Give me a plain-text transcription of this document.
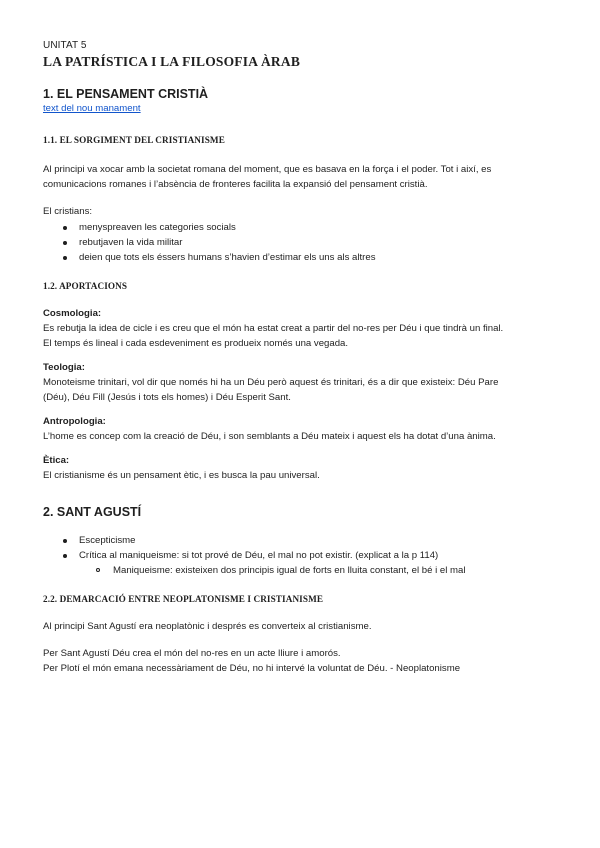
UNITAT 5
LA PATRÍSTICA I LA FILOSOFIA ÀRAB
1. EL PENSAMENT CRISTIÀ
text del nou manament
1.1. EL SORGIMENT DEL CRISTIANISME

Al principi va xocar amb la societat romana del moment, que es basava en la força i el poder. Tot i així, es

comunicacions romanes i l’absència de fronteres facilita la expansió del pensament cristià.

El cristians:

menyspreaven les categories socials
rebutjaven la vida militar
deien que tots els éssers humans s’havien d’estimar els uns als altres
1.2. APORTACIONS

Cosmologia:

Es rebutja la idea de cicle i es creu que el món ha estat creat a partir del no-res per Déu i que tindrà un final.

El temps és lineal i cada esdeveniment es produeix només una vegada.

Teologia:

Monoteisme trinitari, vol dir que només hi ha un Déu però aquest és trinitari, és a dir que existeix: Déu Pare

(Déu), Déu Fill (Jesús i tots els homes) i Déu Esperit Sant.

Antropologia:

L’home es concep com la creació de Déu, i son semblants a Déu mateix i aquest els ha dotat d’una ànima.

Ètica:

El cristianisme és un pensament ètic, i es busca la pau universal.

2. SANT AGUSTÍ
Escepticisme
Crítica al maniqueisme: si tot prové de Déu, el mal no pot existir. (explicat a la p 114)
Maniqueisme: existeixen dos principis igual de forts en lluita constant, el bé i el mal
2.2. DEMARCACIÓ ENTRE NEOPLATONISME I CRISTIANISME

Al principi Sant Agustí era neoplatònic i després es converteix al cristianisme.

Per Sant Agustí Déu crea el món del no-res en un acte lliure i amorós.

Per Plotí el món emana necessàriament de Déu, no hi intervé la voluntat de Déu. - Neoplatonisme
